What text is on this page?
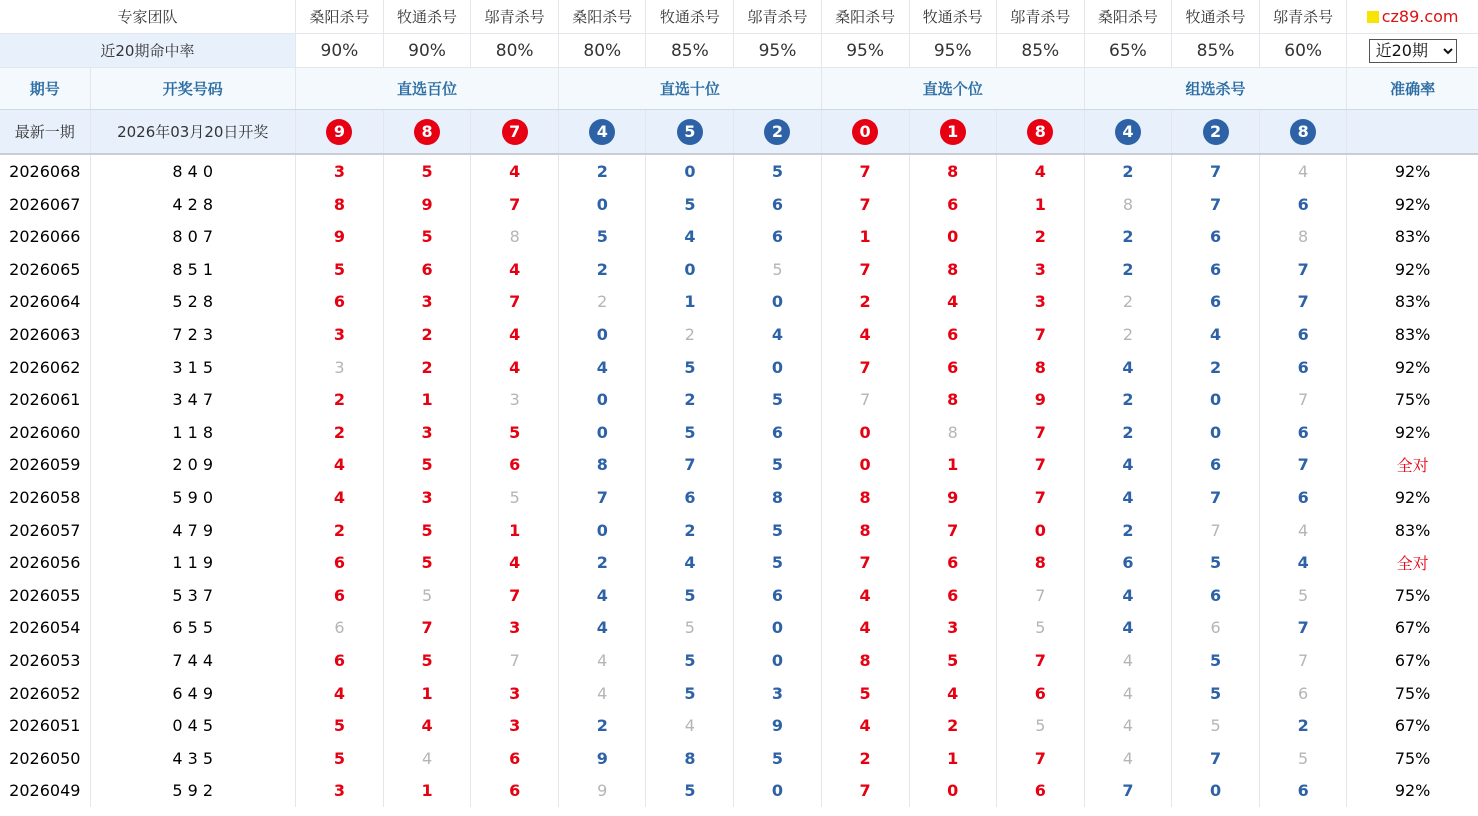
专家团队		桑阳杀号	牧通杀号	邬青杀号	桑阳杀号	牧通杀号	邬青杀号	桑阳杀号	牧通杀号	邬青杀号	桑阳杀号	牧通杀号	邬青杀号	cz89.com
近20期命中率		90%	90%	80%	80%	85%	95%	95%	95%	85%	65%	85%	60%	
近20期
期号	开奖号码	直选百位			直选十位			直选个位			组选杀号			准确率
最新一期	2026年03月20日开奖	9	8	7	4	5	2	0	1	8	4	2	8	
2026068	8 4 0	3	5	4	2	0	5	7	8	4	2	7	4	92%
2026067	4 2 8	8	9	7	0	5	6	7	6	1	8	7	6	92%
2026066	8 0 7	9	5	8	5	4	6	1	0	2	2	6	8	83%
2026065	8 5 1	5	6	4	2	0	5	7	8	3	2	6	7	92%
2026064	5 2 8	6	3	7	2	1	0	2	4	3	2	6	7	83%
2026063	7 2 3	3	2	4	0	2	4	4	6	7	2	4	6	83%
2026062	3 1 5	3	2	4	4	5	0	7	6	8	4	2	6	92%
2026061	3 4 7	2	1	3	0	2	5	7	8	9	2	0	7	75%
2026060	1 1 8	2	3	5	0	5	6	0	8	7	2	0	6	92%
2026059	2 0 9	4	5	6	8	7	5	0	1	7	4	6	7	全对
2026058	5 9 0	4	3	5	7	6	8	8	9	7	4	7	6	92%
2026057	4 7 9	2	5	1	0	2	5	8	7	0	2	7	4	83%
2026056	1 1 9	6	5	4	2	4	5	7	6	8	6	5	4	全对
2026055	5 3 7	6	5	7	4	5	6	4	6	7	4	6	5	75%
2026054	6 5 5	6	7	3	4	5	0	4	3	5	4	6	7	67%
2026053	7 4 4	6	5	7	4	5	0	8	5	7	4	5	7	67%
2026052	6 4 9	4	1	3	4	5	3	5	4	6	4	5	6	75%
2026051	0 4 5	5	4	3	2	4	9	4	2	5	4	5	2	67%
2026050	4 3 5	5	4	6	9	8	5	2	1	7	4	7	5	75%
2026049	5 9 2	3	1	6	9	5	0	7	0	6	7	0	6	92%
